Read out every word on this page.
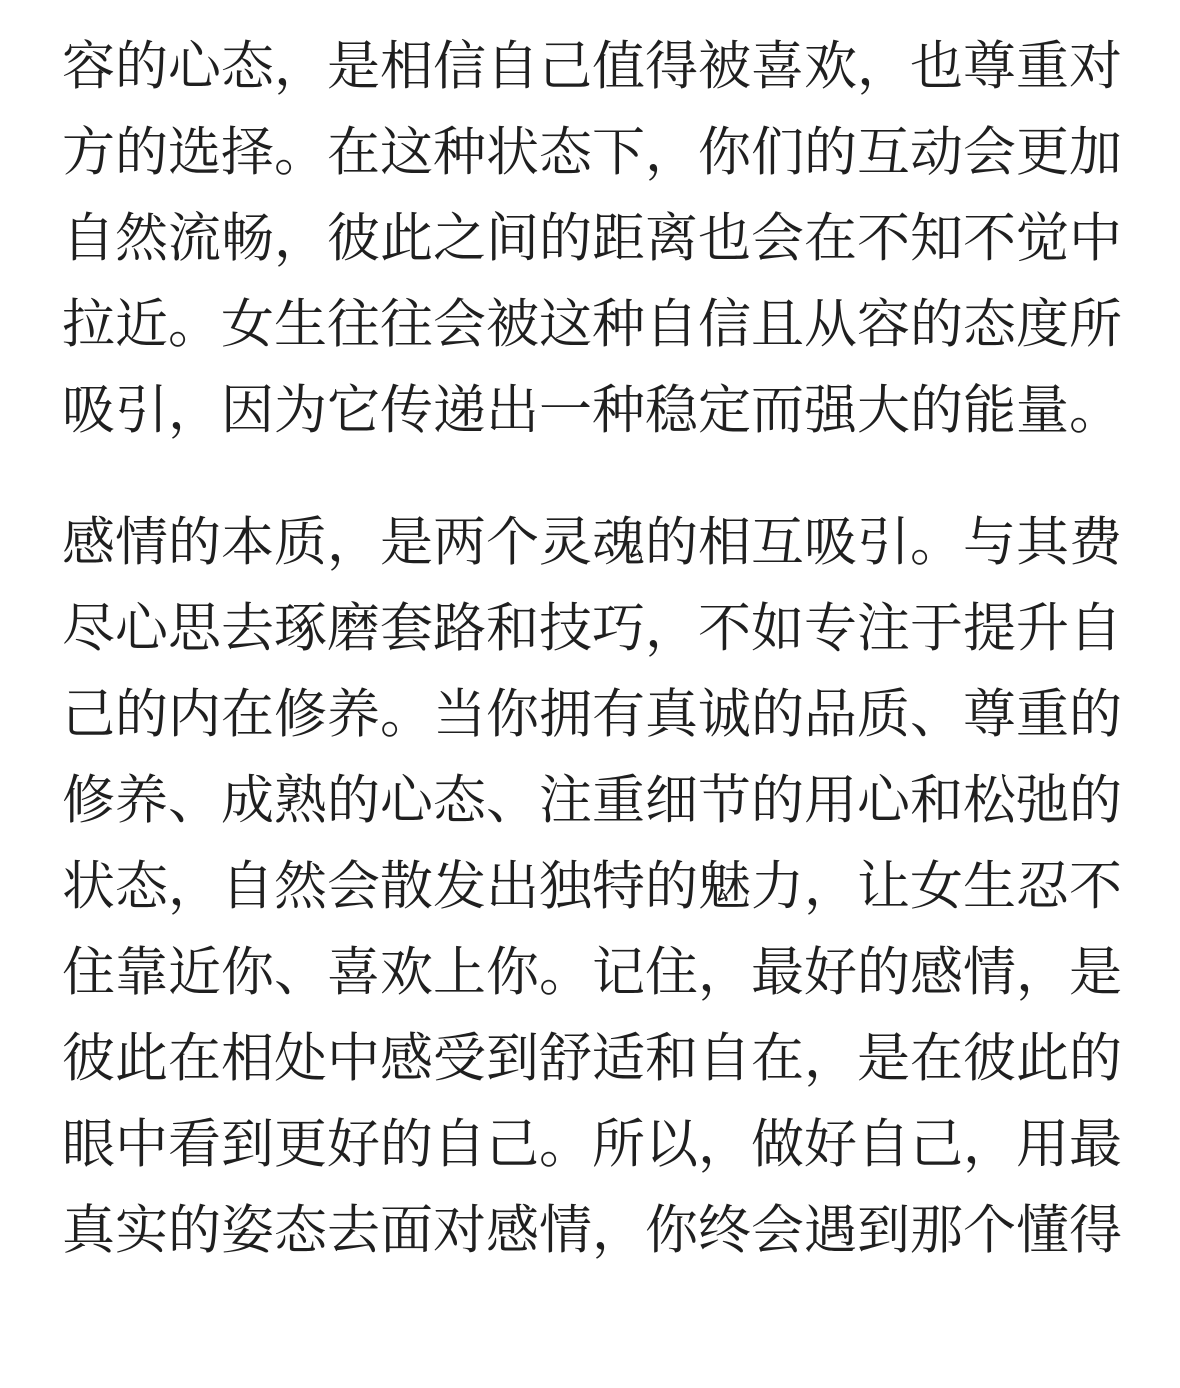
容的心态，是相信自己值得被喜欢，也尊重对
方的选择。在这种状态下，你们的互动会更加
自然流畅，彼此之间的距离也会在不知不觉中
拉近。女生往往会被这种自信且从容的态度所
吸引，因为它传递出一种稳定而强大的能量。
感情的本质，是两个灵魂的相互吸引。与其费
尽心思去琢磨套路和技巧，不如专注于提升自
己的内在修养。当你拥有真诚的品质、尊重的
修养、成熟的心态、注重细节的用心和松弛的
状态，自然会散发出独特的魅力，让女生忍不
住靠近你、喜欢上你。记住，最好的感情，是
彼此在相处中感受到舒适和自在，是在彼此的
眼中看到更好的自己。所以，做好自己，用最
真实的姿态去面对感情，你终会遇到那个懂得
